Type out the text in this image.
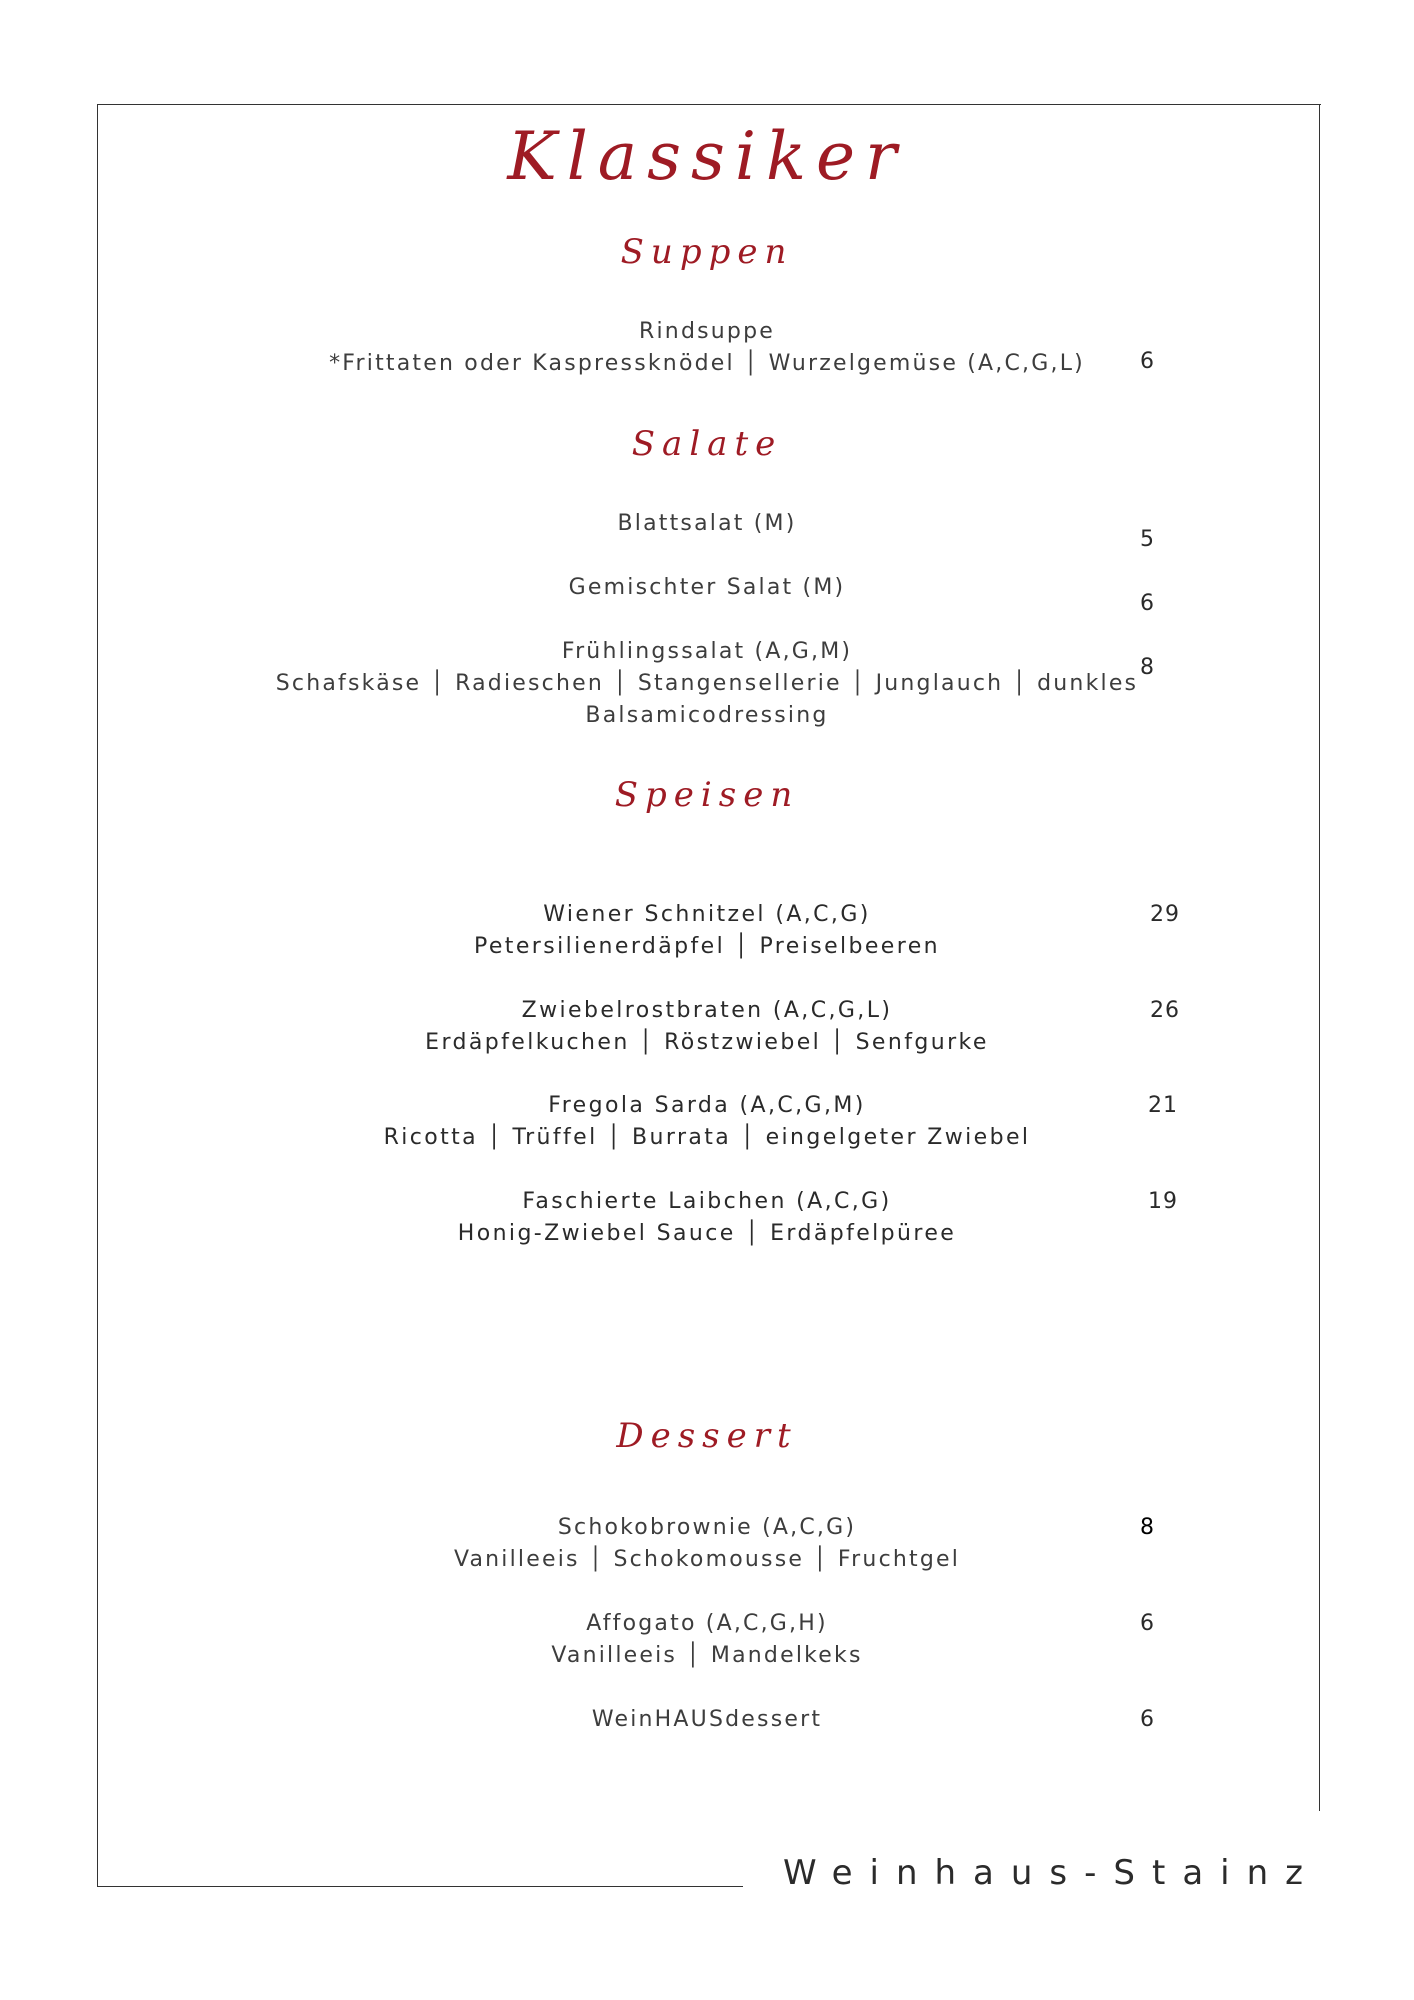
Klassiker
Suppen
Rindsuppe
*Frittaten oder Kaspressknödel │ Wurzelgemüse (A,C,G,L)	6
Salate
Blattsalat (M)
5
Gemischter Salat (M)
6
Frühlingssalat (A,G,M)
Schafskäse │ Radieschen │ Stangensellerie │ Junglauch │ dunkles
Balsamicodressing
8
Speisen
Wiener Schnitzel (A,C,G)
Petersilienerdäpfel │ Preiselbeeren
29
Zwiebelrostbraten (A,C,G,L)
Erdäpfelkuchen │ Röstzwiebel │ Senfgurke
26
Fregola Sarda (A,C,G,M)
Ricotta │ Trüffel │ Burrata │ eingelgeter Zwiebel
21
Faschierte Laibchen (A,C,G)
Honig-Zwiebel Sauce │ Erdäpfelpüree
19
Dessert
Schokobrownie (A,C,G)
Vanilleeis │ Schokomousse │ Fruchtgel
8
Affogato (A,C,G,H)
Vanilleeis │ Mandelkeks
6
WeinHAUSdessert	6
Weinhaus-Stainz
